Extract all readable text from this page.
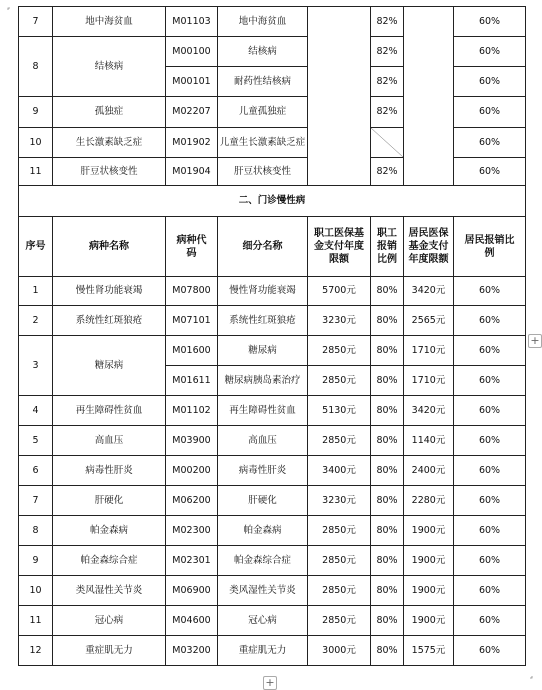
7	地中海贫血	M01103	地中海贫血		82%		60%
8	结核病	M00100	结核病		82%		60%
		M00101	耐药性结核病		82%		60%
9	孤独症	M02207	儿童孤独症		82%		60%
10	生长激素缺乏症	M01902	儿童生长激素缺乏症				60%
11	肝豆状核变性	M01904	肝豆状核变性		82%		60%
二、门诊慢性病							
序号	病种名称	病种代码	细分名称	职工医保基金支付年度限额	职工报销比例	居民医保基金支付年度限额	居民报销比例
1	慢性肾功能衰竭	M07800	慢性肾功能衰竭	5700元	80%	3420元	60%
2	系统性红斑狼疮	M07101	系统性红斑狼疮	3230元	80%	2565元	60%
3	糖尿病	M01600	糖尿病	2850元	80%	1710元	60%
		M01611	糖尿病胰岛素治疗	2850元	80%	1710元	60%
4	再生障碍性贫血	M01102	再生障碍性贫血	5130元	80%	3420元	60%
5	高血压	M03900	高血压	2850元	80%	1140元	60%
6	病毒性肝炎	M00200	病毒性肝炎	3400元	80%	2400元	60%
7	肝硬化	M06200	肝硬化	3230元	80%	2280元	60%
8	帕金森病	M02300	帕金森病	2850元	80%	1900元	60%
9	帕金森综合症	M02301	帕金森综合症	2850元	80%	1900元	60%
10	类风湿性关节炎	M06900	类风湿性关节炎	2850元	80%	1900元	60%
11	冠心病	M04600	冠心病	2850元	80%	1900元	60%
12	重症肌无力	M03200	重症肌无力	3000元	80%	1575元	60%
+
+
